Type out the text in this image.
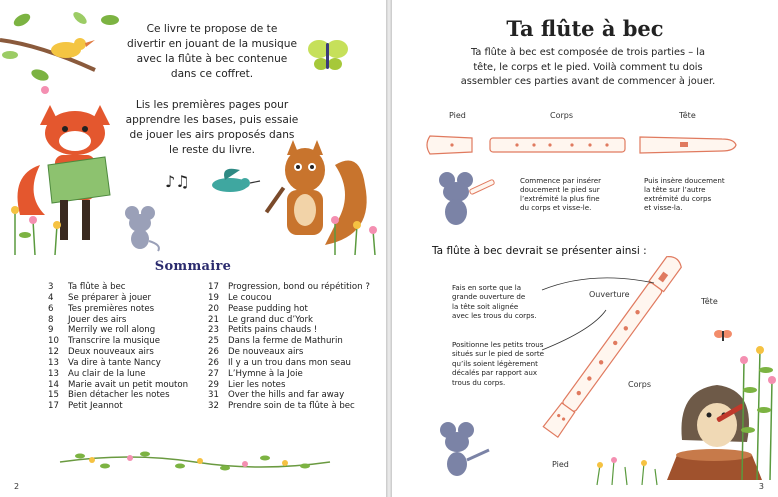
Ce livre te propose de te
divertir en jouant de la musique
avec la flûte à bec contenue
dans ce coffret.
Lis les premières pages pour
apprendre les bases, puis essaie
de jouer les airs proposés dans
le reste du livre.
♪♫
Sommaire
3	Ta flûte à bec
4	Se préparer à jouer
6	Tes premières notes
8	Jouer des airs
9	Merrily we roll along
10	Transcrire la musique
12	Deux nouveaux airs
13	Va dire à tante Nancy
13	Au clair de la lune
14	Marie avait un petit mouton
15	Bien détacher les notes
17	Petit Jeannot
17	Progression, bond ou répétition ?
19	Le coucou
20	Pease pudding hot
21	Le grand duc d’York
23	Petits pains chauds !
25	Dans la ferme de Mathurin
26	De nouveaux airs
26	Il y a un trou dans mon seau
27	L’Hymne à la Joie
29	Lier les notes
31	Over the hills and far away
32	Prendre soin de ta flûte à bec
2
Ta flûte à bec
Ta flûte à bec est composée de trois parties – la
tête, le corps et le pied. Voilà comment tu dois
assembler ces parties avant de commencer à jouer.
Pied	Corps	Tête
Commence par insérer
doucement le pied sur
l’extrémité la plus fine
du corps et visse-le.
Puis insère doucement
la tête sur l’autre
extrémité du corps
et visse-la.
Ta flûte à bec devrait se présenter ainsi :
Fais en sorte que la
grande ouverture de
la tête soit alignée
avec les trous du corps.
Positionne les petits trous
situés sur le pied de sorte
qu’ils soient légèrement
décalés par rapport aux
trous du corps.
Ouverture
Tête
Corps
Pied
3
